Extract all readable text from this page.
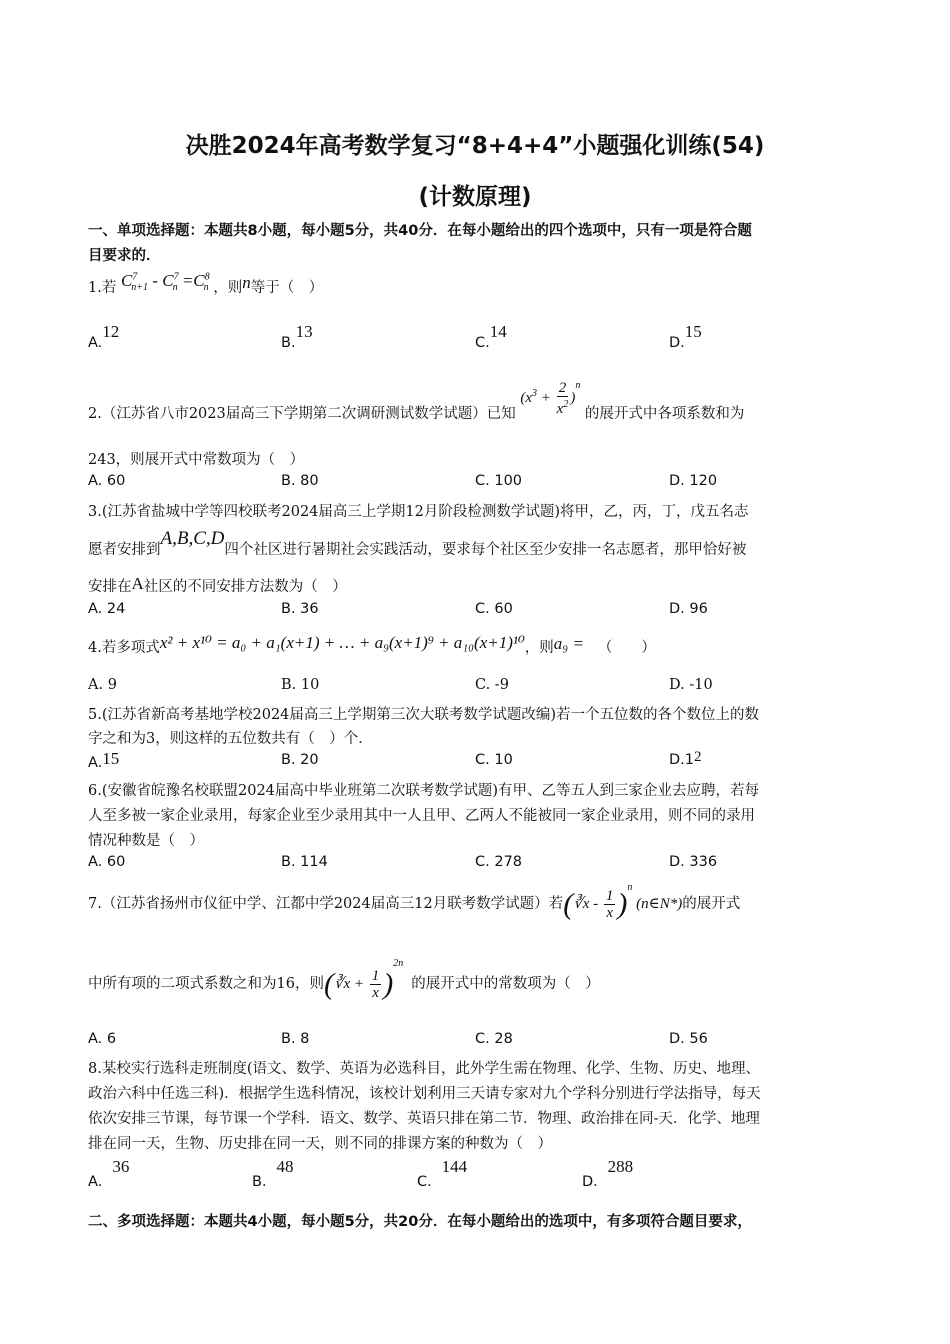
决胜2024年高考数学复习“8+4+4”小题强化训练(54)
(计数原理)
一、单项选择题：本题共8小题，每小题5分，共40分．在每小题给出的四个选项中，只有一项是符合题
目要求的．
1.若 $C^7_{n+1} - C^7_n =C^8_n$ ，则n等于（　）
A.12
B.13
C.14
D.15
2.（江苏省八市2023届高三下学期第二次调研测试数学试题）已知 $(x^3 + \frac{2}{x^2} )^n$ 的展开式中各项系数和为
243，则展开式中常数项为（　）
A. 60	B. 80	C. 100	D. 120
3.(江苏省盐城中学等四校联考2024届高三上学期12月阶段检测数学试题)将甲，乙，丙，丁，戊五名志
愿者安排到A,B,C,D四个社区进行暑期社会实践活动，要求每个社区至少安排一名志愿者，那甲恰好被
安排在A社区的不同安排方法数为（　）
A. 24	B. 36	C. 60	D. 96
4.若多项式x² + x¹⁰ = a₀ + a₁(x+1) + … + a₉(x+1)⁹ + a₁₀(x+1)¹⁰，则a₉ = （　　）
A. 9	B. 10	C. -9	D. -10
5.(江苏省新高考基地学校2024届高三上学期第三次大联考数学试题改编)若一个五位数的各个数位上的数
字之和为3，则这样的五位数共有（　）个．
A.15	B. 20	C. 10	D.12
6.(安徽省皖豫名校联盟2024届高中毕业班第二次联考数学试题)有甲、乙等五人到三家企业去应聘，若每
人至多被一家企业录用，每家企业至少录用其中一人且甲、乙两人不能被同一家企业录用，则不同的录用
情况种数是（　）
A. 60	B. 114	C. 278	D. 336
7.（江苏省扬州市仪征中学、江都中学2024届高三12月联考数学试题）若(∛x - $\frac{1}{x} )^n$ (n∈N*)的展开式
中所有项的二项式系数之和为16，则(∛x + $\frac{1}{x} )^{2n}$的展开式中的常数项为（　）
A. 6	B. 8	C. 28	D. 56
8.某校实行选科走班制度(语文、数学、英语为必选科目，此外学生需在物理、化学、生物、历史、地理、
政治六科中任选三科)．根据学生选科情况，该校计划利用三天请专家对九个学科分别进行学法指导，每天
依次安排三节课，每节课一个学科．语文、数学、英语只排在第二节．物理、政治排在同-天．化学、地理
排在同一天，生物、历史排在同一天，则不同的排课方案的种数为（　）
A．36
B．48
C．144
D．288
二、多项选择题：本题共4小题，每小题5分，共20分．在每小题给出的选项中，有多项符合题目要求，
